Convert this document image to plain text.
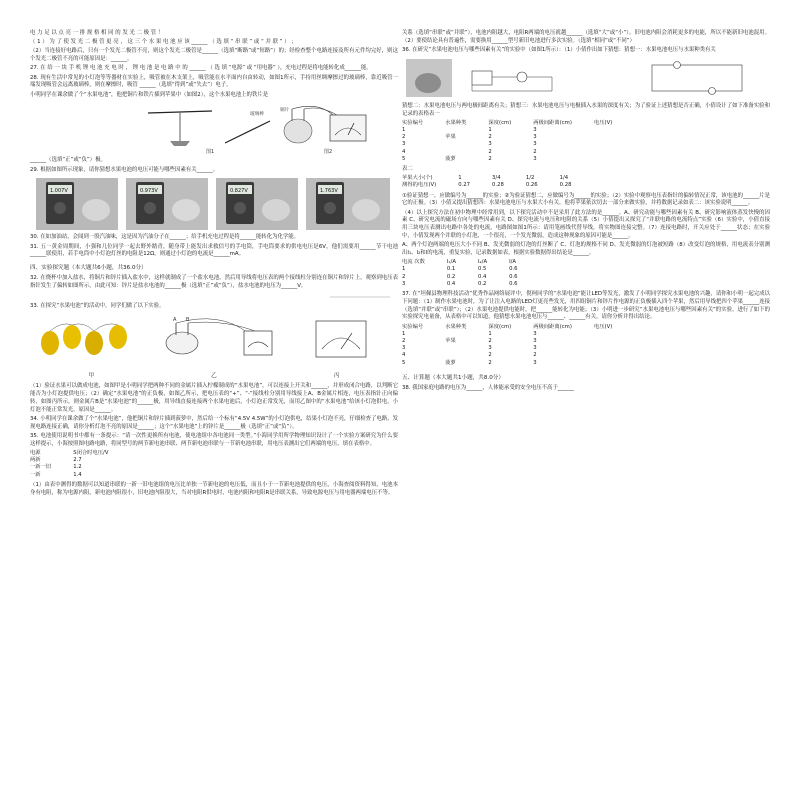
电 力 足 以 点 亮 一 排 规 格 相 同 的 发 光 二 极 管 ！

（ 1 ） 为 了 使 发 光 二 极 管 更 亮 ， 这 三 个 水 果 电 池 应 该 ______ （ 选 填 “ 串 联 ” 或 “ 并 联 ” ） ；

（2）当连接好电路后，只有一个发光二极管不亮，则这个发光二极管是______（选填“断路”或“短路”）的；经检查整个电路连接及所有元件均完好，则这个发光二极管不亮的可能原因是：______。

27. 在 给 一 块 手 机 锂 电 池 充 电 时 ， 锂 电 池 是 电 路 中 的 ______ （ 选 填 “电源” 或 “用电器” ），充电过程是将电能转化成______能。

28. 现有生活中常见的小灯泡等等器材在实验上，吸管被在木支架上，吸管能在水平面内自由转动，如图1所示，手持用丝绸摩擦过的玻璃棒，靠近吸管一端发现吸管会远离玻璃棒，则在摩擦时，吸管 ______（选填“得到”或“失去”）电子。

小明同学在课余做了个“水果电池”，他把铜片和铁片插到苹果中（如图2），这个水果电池上的铁片是

玻璃棒
图1
铜片
图2

______（选填“正”或“负”）极。

29. 根据如图所示现象，请你猜想水果电池的电压可能与哪些因素有关______。

1.007V	0.973V	0.827V	1.763V

30. 在如加油站，会闻到一股汽油味，这是因为汽油分子在______；给手机充电过程是将______能转化为化学能。

31. 五一黄金周期间，小强和几位同学一起去野外踏青，随身带上能发出求救信号的手电筒，手电筒要求的供电电压是6V，他们需要用______节干电池______联使用，若手电筒中小灯泡灯丝的电阻是12Ω，则通过小灯泡的电流是______mA。

四、实验探究题（本大题共6小题，共36.0分）

32. 在烧杯中加入盐水，将铜片和锌片插入盐水中，这样就制成了一个盐水电池，然后用导线将电压表的两个接线柱分别连在铜片和锌片上，观察到电压表指针发生了偏转如图所示，由此可知：锌片是盐水电池的______极（选填“正”或“负”），盐水电池的电压为______V。

33. 在探究“水果电池”的活动中，同学们做了以下实验。

A B
甲	乙	丙

（1）验证水果可以做成电池，如图甲是小明同学把两种不同的金属片插入柠檬制成的“水果电池”，可以连接上开关和______，并形成闭合电路，以判断它能否为小灯泡提供电压；（2）确定“水果电池”的正负极，如图乙所示，把电压表的“+”、“-”接线柱分别用导线接上A、B金属片相连，电压表指针正向偏转，如图丙所示，则金属片B是“水果电池”的______极，用导线直接连接两个水果电池后，小灯泡正常发光，而用乙图中的“水果电池”给该小灯泡供电，小灯泡不能正常发光，原因是______。

34. 小明同学在课余做了个“水果电池”，他把铜片和锌片插到菠萝中，然后给一个标有“4.5V 4.5W”的小灯泡供电，结果小灯泡不亮，仔细检查了电路，发现电路连接正确，请你分析灯泡不亮的原因是______；这个“水果电池”上的锌片是______极（选填“正”或“负”）。

35. 电池使用说明书中都有一条提示：“请一次性更换所有电池，使电池组中各电池同一类型。”小海同学用所学物理知识设计了一个实验方案研究为什么要这样提示，小海按照图电路电路，将同型号的两节新电池串联、两节新电池串联与一节新电池串联，用电压表测出它们两端的电压，填在表格中。

电源	S闭合时电压/V
两新	2.7
一新一旧	1.2
一新	1.4

（1）由表中测得的数据可以知道串联的一新一旧电池组的电压比单独一节新电池的电压低，而且小于一节新电池提供的电压，小海查阅资料得知，电池本身有电阻，称为电源内阻，新电池内阻很小，旧电池内阻很大，当对电阻R供电时，电池内阻和电阻R是串联关系，导致电源电压与用电器两端电压不等。

关系（选填“串联”或“并联”），电池内阻越大，电阻R两端的电压就越______（选填“大”或“小”）。旧电池内阻会消耗更多的电能，所以不能新旧电池混用。（2）要使结论具有普遍性，需要换用______型号新旧电池进行多次实验。（选填“相同”或“不同”）

36. 在研究“水果电池电压与哪些因素有关”的实验中（如图1所示）：（1）小倩作出如下猜想：猜想一：水果电池电压与水果种类有关

猜想二：水果电池电压与两电极间距离有关；猜想三：水果电池电压与电极插入水果的深度有关；为了验证上述猜想是否正确，小倩设计了如下准备实验和记录的表格表一

实验编号	水果种类	深度(cm)	两极间距离(cm)	电压(V)
1		1	3	
2	苹果	2	3	
3		3	3	
4		2	2	
5	菠萝	2	3	

表二

苹果大小(个)	1	3/4	1/2	1/4
测得的电压(V)	0.27	0.28	0.26	0.28

①验证猜想一，应做编号为______的实验；②为验证猜想二，应做编号为______的实验；（2）实验中观察电压表指针的偏转情况正常，该电池的______片是它的正极。（3）小倩又提出猜想四：水果电池电压与水果大小有关。他将苹果依次切去一部分来做实验，并将数据记录如表二：该实验说明______。

（4）以上探究方法在初中物理中经常用到，以下探究活动中不是采用了此方法的是______。A、研究动能与哪些因素有关 B、研究影响液体蒸发快慢的因素 C、研究电流的磁场方向与哪些因素有关 D、探究电流与电压和电阻的关系（5）小倩提出又探究了“并联电路的电流特点”实验（6）实验中，小倩直接用三块电压表测出电路中各处的电流，电路图如图1所示：请用笔画线代替导线，将实物图连接完整。（7）连接电路时，开关应处于______状态；在实验中，小倩发现两个并联的小灯泡，一个很亮，一个发光微弱，造成这种现象的原因可能是______。

A、两个灯泡两端的电压大小不同 B、发光微弱的灯泡的灯丝断了 C、灯泡的规格不同 D、发光微弱的灯泡被短路（8）改变灯泡的规格，用电流表分别测出I₁、I₂和I的电流，重复实验，记录数据如表，根据实验数据得出结论是______。

电流 次数	I₁/A	I₂/A	I/A
1	0.1	0.5	0.6
2	0.2	0.4	0.6
3	0.4	0.2	0.6

37. 在“坦佩县物理科技活动”优秀作品网络展评中，倪柯同学的“水果电池”能让LED等发光，激发了小明同学探究水果电池的兴趣，请你和小明一起完成以下问题：（1）制作水果电池时，为了让注入电路的LED灯更亮些发光，用四组铜片和锌片作电源的正负极插入四个苹果，然后用导线把四个苹果______连接（选填“并联”或“串联”）；（2）水果电池提供电能时，把______能转化为电能；（3）小明进一步研究“水果电池电压与哪些因素有关”的实验，进行了如下的实验探究电量备，从表格中可以知道，他猜想水果电池电压与______、______有关，请你分析并得出结论。

实验编号	水果种类	深度(cm)	两极间距离(cm)	电压(V)
1		1	3	
2	苹果	2	3	
3		3	3	
4		2	2	
5	菠萝	2	3	

五、计算题（本大题共1小题，共8.0分）

38. 我国家庭电路的电压为______，人体能承受的安全电压不高于______
